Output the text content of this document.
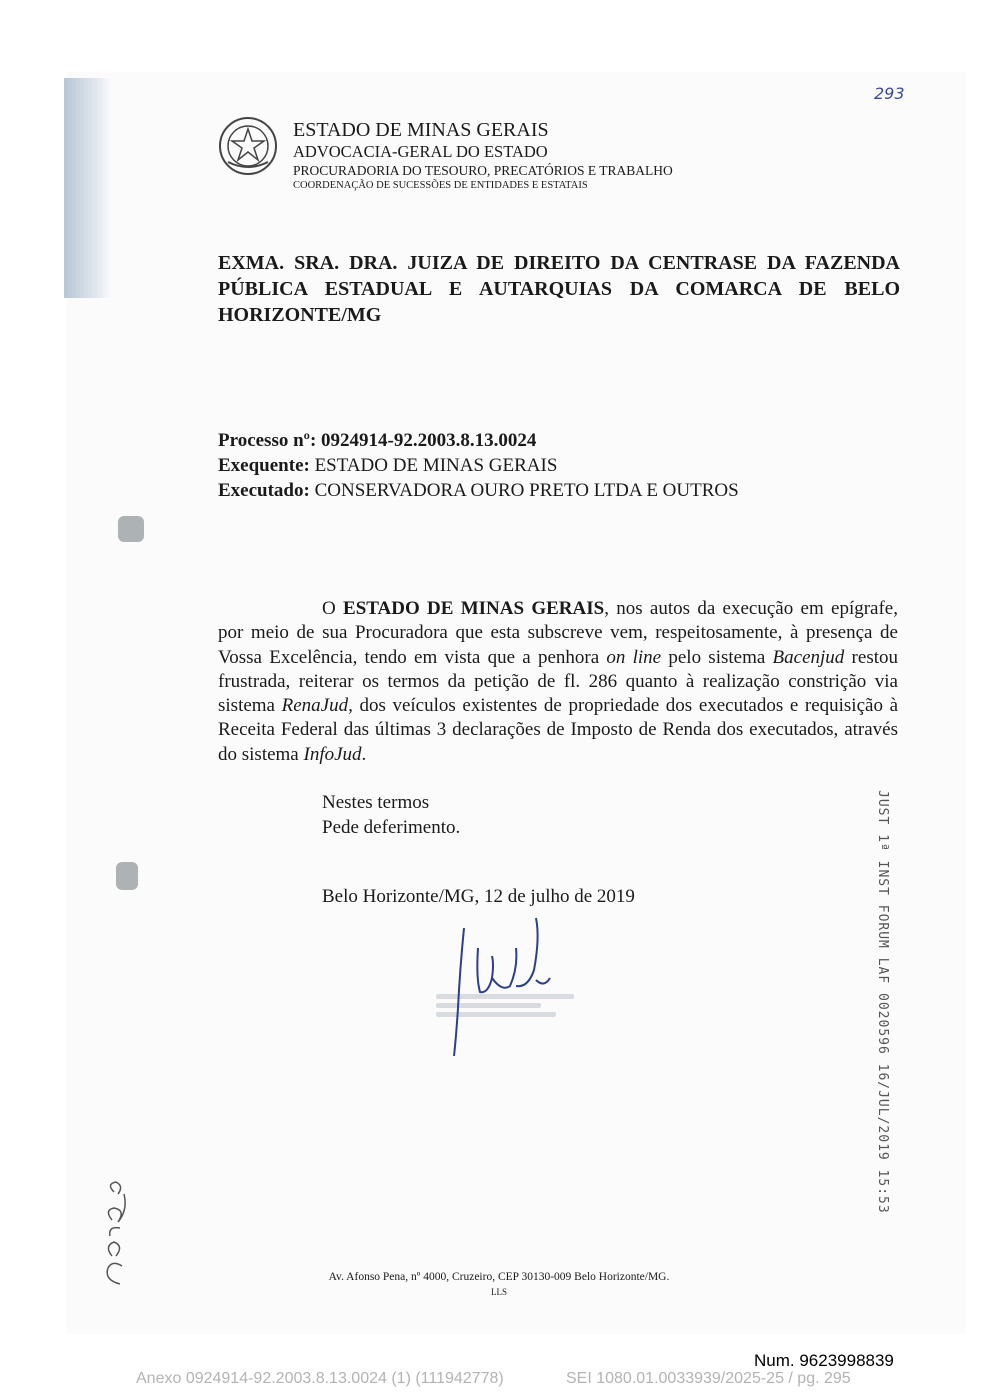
293
ESTADO DE MINAS GERAIS
ADVOCACIA-GERAL DO ESTADO
PROCURADORIA DO TESOURO, PRECATÓRIOS E TRABALHO
COORDENAÇÃO DE SUCESSÕES DE ENTIDADES E ESTATAIS
EXMA. SRA. DRA. JUIZA DE DIREITO DA CENTRASE DA FAZENDA PÚBLICA ESTADUAL E AUTARQUIAS DA COMARCA DE BELO HORIZONTE/MG
Processo nº: 0924914-92.2003.8.13.0024
Exequente: ESTADO DE MINAS GERAIS
Executado: CONSERVADORA OURO PRETO LTDA E OUTROS
O ESTADO DE MINAS GERAIS, nos autos da execução em epígrafe, por meio de sua Procuradora que esta subscreve vem, respeitosamente, à presença de Vossa Excelência, tendo em vista que a penhora on line pelo sistema Bacenjud restou frustrada, reiterar os termos da petição de fl. 286 quanto à realização constrição via sistema RenaJud, dos veículos existentes de propriedade dos executados e requisição à Receita Federal das últimas 3 declarações de Imposto de Renda dos executados, através do sistema InfoJud.
Nestes termos
Pede deferimento.
Belo Horizonte/MG, 12 de julho de 2019	JUST 1ª INST FORUM LAF 0020596 16/JUL/2019 15:53
Av. Afonso Pena, nº 4000, Cruzeiro, CEP 30130-009 Belo Horizonte/MG.
LLS
Num. 9623998839
Anexo 0924914-92.2003.8.13.0024 (1) (111942778)	SEI 1080.01.0033939/2025-25 / pg. 295
